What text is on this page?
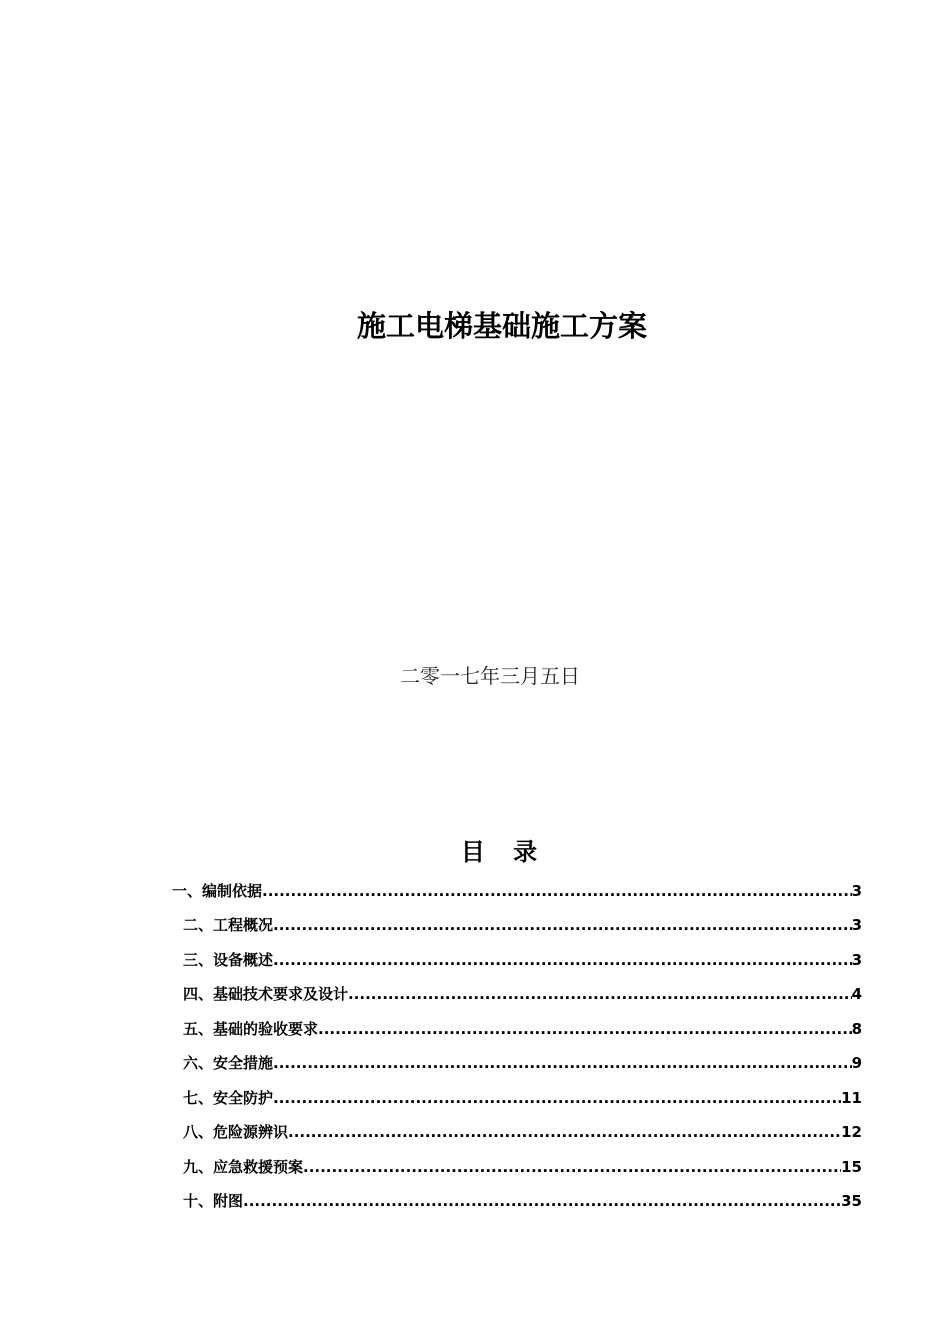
施工电梯基础施工方案
二零一七年三月五日
目 录
一、编制依据 .....	3
二、工程概况 .....	3
三、设备概述 .....	3
四、基础技术要求及设计 .....	4
五、基础的验收要求 .....	8
六、安全措施 .....	9
七、安全防护 .....	11
八、危险源辨识 .....	12
九、应急救援预案 .....	15
十、附图 .....	35
